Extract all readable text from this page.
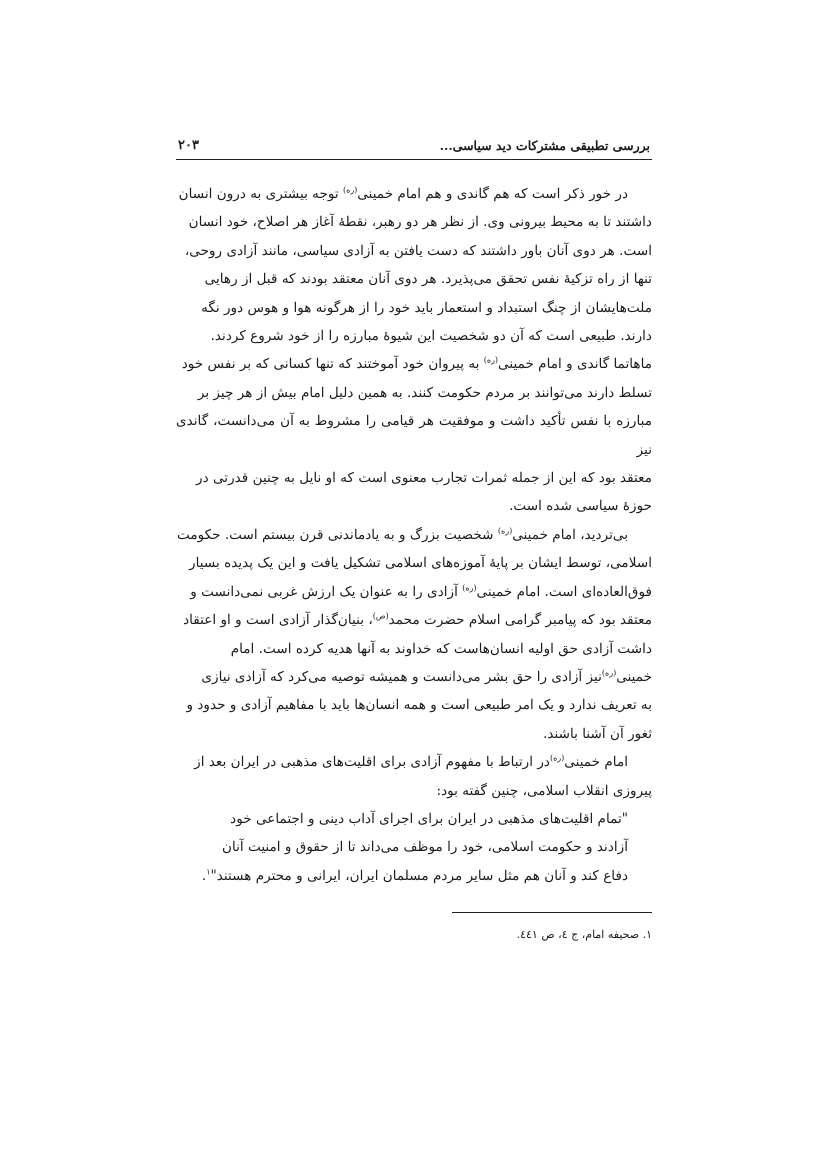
بررسی تطبیقی مشترکات دید سیاسی...
۲۰۳
در خور ذکر است که هم گاندی و هم امام خمینی$^{(ره)}$ توجه بیشتری به درون انسان
داشتند تا به محیط بیرونی وی. از نظر هر دو رهبر، نقطهٔ آغاز هر اصلاح، خود انسان
است. هر دوی آنان باور داشتند که دست یافتن به آزادی سیاسی، مانند آزادی روحی،
تنها از راه تزکیهٔ نفس تحقق می‌پذیرد. هر دوی آنان معتقد بودند که قبل از رهایی
ملت‌هایشان از چنگ استبداد و استعمار باید خود را از هرگونه هوا و هوس دور نگه
دارند. طبیعی است که آن دو شخصیت این شیوهٔ مبارزه را از خود شروع کردند.
ماهاتما گاندی و امام خمینی$^{(ره)}$ به پیروان خود آموختند که تنها کسانی که بر نفس خود
تسلط دارند می‌توانند بر مردم حکومت کنند. به همین دلیل امام بیش از هر چیز بر
مبارزه با نفس تأکید داشت و موفقیت هر قیامی را مشروط به آن می‌دانست، گاندی نیز
معتقد بود که این از جمله ثمرات تجارب معنوی است که او نایل به چنین قدرتی در
حوزهٔ سیاسی شده است.
بی‌تردید، امام خمینی$^{(ره)}$ شخصیت بزرگ و به یادماندنی قرن بیستم است. حکومت
اسلامی، توسط ایشان بر پایهٔ آموزه‌های اسلامی تشکیل یافت و این یک پدیده بسیار
فوق‌العاده‌ای است. امام خمینی$^{(ره)}$ آزادی را به عنوان یک ارزش غربی نمی‌دانست و
معتقد بود که پیامبر گرامی اسلام حضرت محمد$^{(ص)}$، بنیان‌گذار آزادی است و او اعتقاد
داشت آزادی حق اولیه انسان‌هاست که خداوند به آنها هدیه کرده است. امام
خمینی$^{(ره)}$نیز آزادی را حق بشر می‌دانست و همیشه توصیه می‌کرد که آزادی نیازی
به تعریف ندارد و یک امر طبیعی است و همه انسان‌ها باید با مفاهیم آزادی و حدود و
ثغور آن آشنا باشند.
امام خمینی$^{(ره)}$در ارتباط با مفهوم آزادی برای اقلیت‌های مذهبی در ایران بعد از
پیروزی انقلاب اسلامی، چنین گفته بود:
"تمام اقلیت‌های مذهبی در ایران برای اجرای آداب دینی و اجتماعی خود
آزادند و حکومت اسلامی، خود را موظف می‌داند تا از حقوق و امنیت آنان
دفاع کند و آنان هم مثل سایر مردم مسلمان ایران، ایرانی و محترم هستند"$^۱$.
۱. صحیفه امام، ج ٤، ص ٤٤١.
